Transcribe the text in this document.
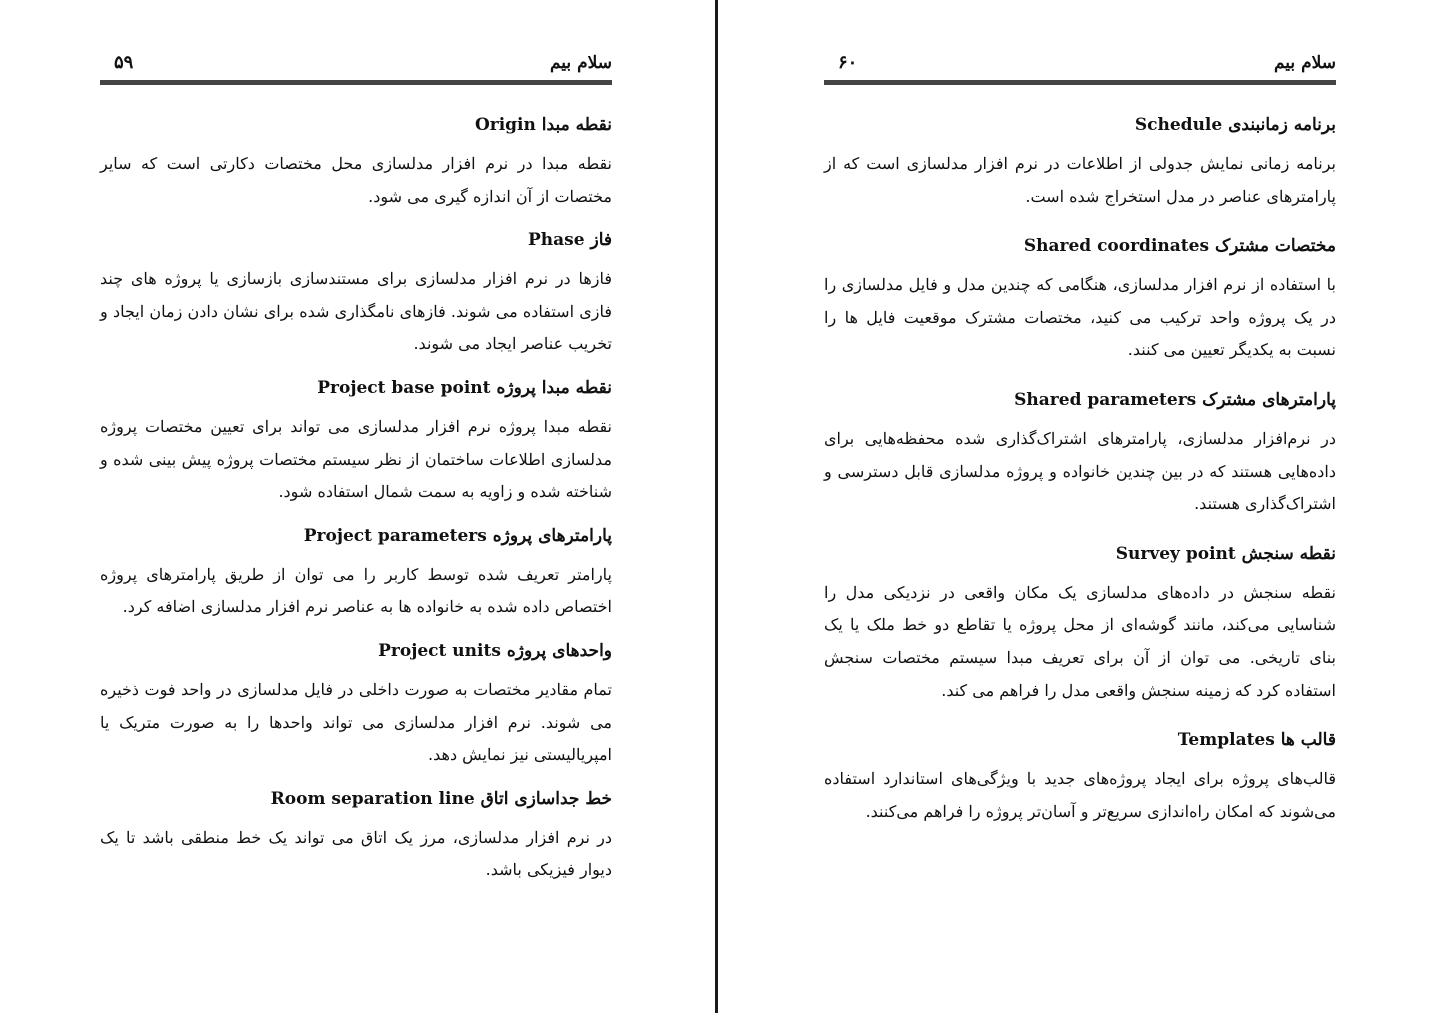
سلام بیم
۵۹
نقطه مبدا Origin

نقطه مبدا در نرم افزار مدلسازی محل مختصات دکارتی است که سایر مختصات از آن اندازه گیری می شود.

فاز Phase

فازها در نرم افزار مدلسازی برای مستندسازی بازسازی یا پروژه های چند فازی استفاده می شوند. فازهای نامگذاری شده برای نشان دادن زمان ایجاد و تخریب عناصر ایجاد می شوند.

نقطه مبدا پروژه Project base point

نقطه مبدا پروژه نرم افزار مدلسازی می تواند برای تعیین مختصات پروژه مدلسازی اطلاعات ساختمان از نظر سیستم مختصات پروژه پیش بینی شده و شناخته شده و زاویه به سمت شمال استفاده شود.

پارامترهای پروژه Project parameters

پارامتر تعریف شده توسط کاربر را می توان از طریق پارامترهای پروژه اختصاص داده شده به خانواده ها به عناصر نرم افزار مدلسازی اضافه کرد.

واحدهای پروژه Project units

تمام مقادیر مختصات به صورت داخلی در فایل مدلسازی در واحد فوت ذخیره می شوند. نرم افزار مدلسازی می تواند واحدها را به صورت متریک یا امپریالیستی نیز نمایش دهد.

خط جداسازی اتاق Room separation line

در نرم افزار مدلسازی، مرز یک اتاق می تواند یک خط منطقی باشد تا یک دیوار فیزیکی باشد.

سلام بیم
۶۰
برنامه زمانبندی Schedule

برنامه زمانی نمایش جدولی از اطلاعات در نرم افزار مدلسازی است که از پارامترهای عناصر در مدل استخراج شده است.

مختصات مشترک Shared coordinates

با استفاده از نرم افزار مدلسازی، هنگامی که چندین مدل و فایل مدلسازی را در یک پروژه واحد ترکیب می کنید، مختصات مشترک موقعیت فایل ها را نسبت به یکدیگر تعیین می کنند.

پارامترهای مشترک Shared parameters

در نرم‌افزار مدلسازی، پارامترهای اشتراک‌گذاری شده محفظه‌هایی برای داده‌هایی هستند که در بین چندین خانواده و پروژه مدلسازی قابل دسترسی و اشتراک‌گذاری هستند.

نقطه سنجش Survey point

نقطه سنجش در داده‌های مدلسازی یک مکان واقعی در نزدیکی مدل را شناسایی می‌کند، مانند گوشه‌ای از محل پروژه یا تقاطع دو خط ملک یا یک بنای تاریخی. می توان از آن برای تعریف مبدا سیستم مختصات سنجش استفاده کرد که زمینه سنجش واقعی مدل را فراهم می کند.

قالب ها Templates

قالب‌های پروژه برای ایجاد پروژه‌های جدید با ویژگی‌های استاندارد استفاده می‌شوند که امکان راه‌اندازی سریع‌تر و آسان‌تر پروژه را فراهم می‌کنند.
